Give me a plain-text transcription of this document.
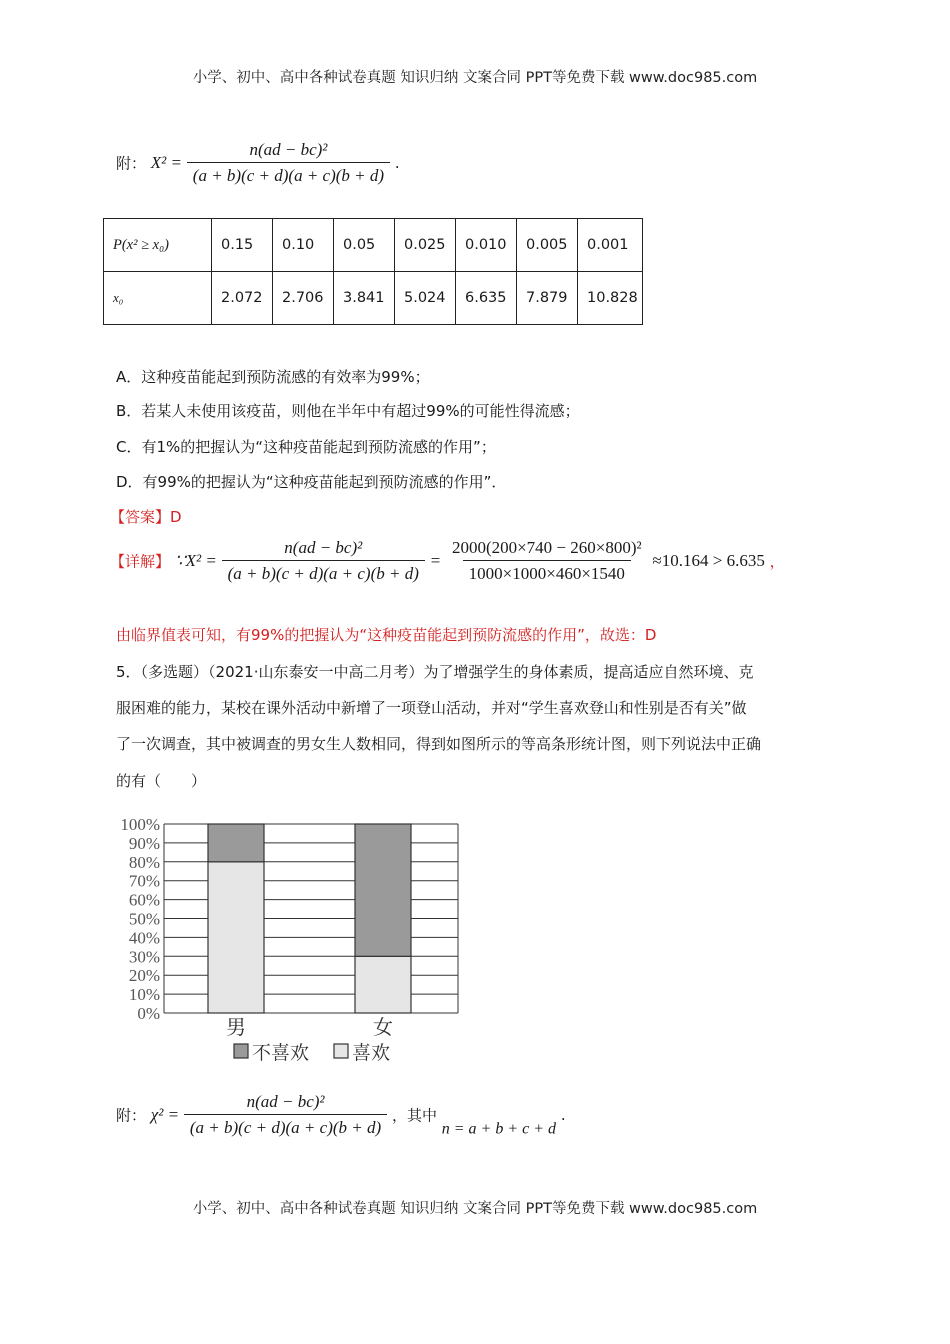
小学、初中、高中各种试卷真题 知识归纳 文案合同 PPT等免费下载 www.doc985.com
附： $X^2 = \frac{\text{n(ad − bc)²}}{(a + b)(c + d)(a + c)(b + d)}$ .
P(x² ≥ x₀)	0.15	0.10	0.05	0.025	0.010	0.005	0.001
x₀	2.072	2.706	3.841	5.024	6.635	7.879	10.828
A．这种疫苗能起到预防流感的有效率为99%；
B．若某人未使用该疫苗，则他在半年中有超过99%的可能性得流感；
C．有1%的把握认为“这种疫苗能起到预防流感的作用”；
D．有99%的把握认为“这种疫苗能起到预防流感的作用”．
【答案】D
【详解】 ∵X² = $\frac{\text{n(ad − bc)²}}{(a + b)(c + d)(a + c)(b + d)} = \frac{\text{2000(200×740 − 260×800)²}}{1000\times 1000\times 460\times 1540} \approx 10.164 > 6.635$ ，
由临界值表可知，有99%的把握认为“这种疫苗能起到预防流感的作用”，故选：D
5．（多选题）（2021·山东泰安一中高二月考）为了增强学生的身体素质，提高适应自然环境、克
服困难的能力，某校在课外活动中新增了一项登山活动，并对“学生喜欢登山和性别是否有关”做
了一次调查，其中被调查的男女生人数相同，得到如图所示的等高条形统计图，则下列说法中正确
的有（　　）
0%
10%
20%
30%
40%
50%
60%
70%
80%
90%
100%
男	女
不喜欢 喜欢
附： $\chi^2 = \frac{\text{n(ad − bc)²}}{(a + b)(c + d)(a + c)(b + d)}$ ，其中 n = a + b + c + d .
小学、初中、高中各种试卷真题 知识归纳 文案合同 PPT等免费下载 www.doc985.com
